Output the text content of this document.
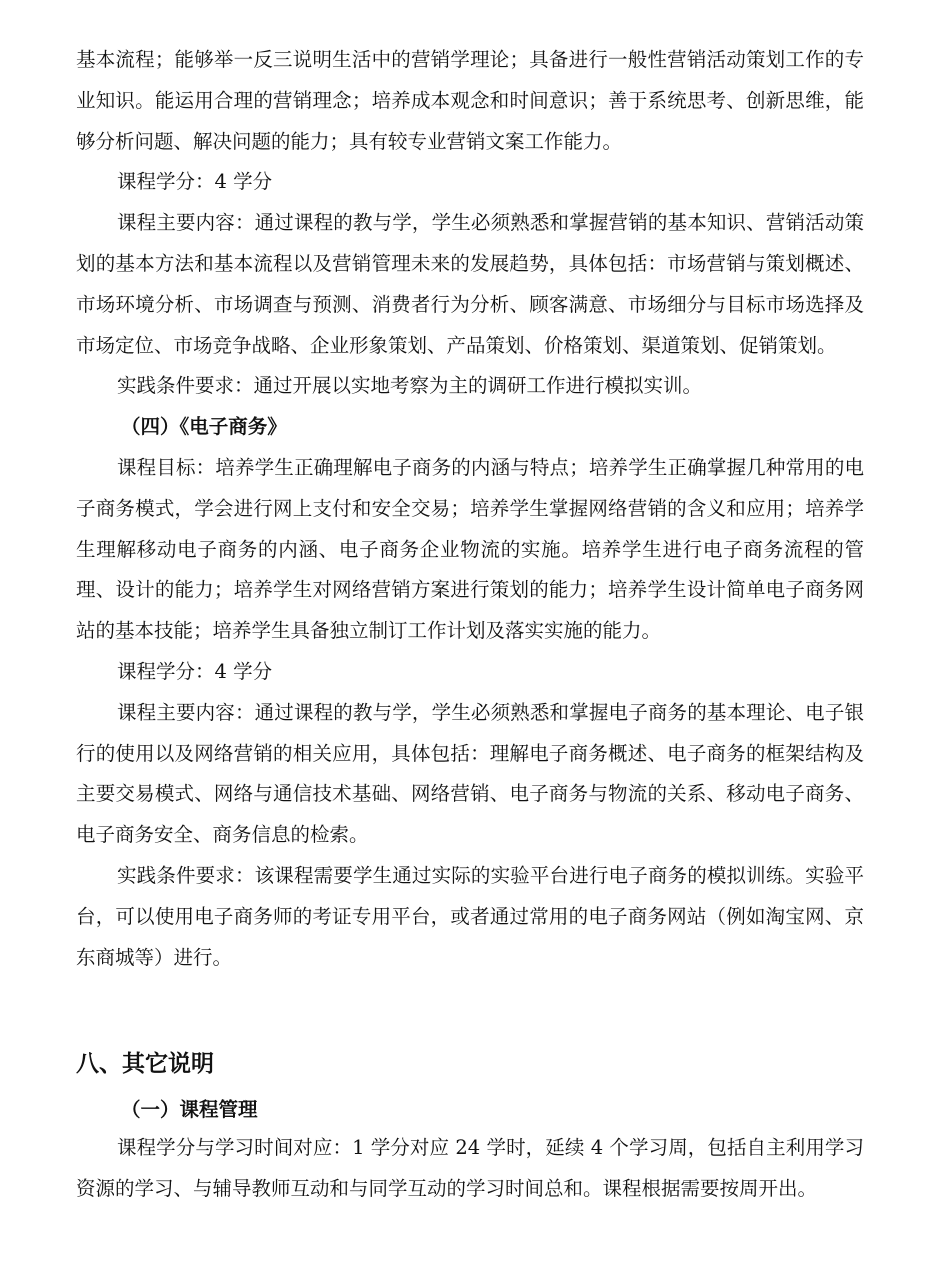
基本流程；能够举一反三说明生活中的营销学理论；具备进行一般性营销活动策划工作的专业知识。能运用合理的营销理念；培养成本观念和时间意识；善于系统思考、创新思维，能够分析问题、解决问题的能力；具有较专业营销文案工作能力。

课程学分：4 学分

课程主要内容：通过课程的教与学，学生必须熟悉和掌握营销的基本知识、营销活动策划的基本方法和基本流程以及营销管理未来的发展趋势，具体包括：市场营销与策划概述、市场环境分析、市场调查与预测、消费者行为分析、顾客满意、市场细分与目标市场选择及市场定位、市场竞争战略、企业形象策划、产品策划、价格策划、渠道策划、促销策划。

实践条件要求：通过开展以实地考察为主的调研工作进行模拟实训。

（四）《电子商务》

课程目标：培养学生正确理解电子商务的内涵与特点；培养学生正确掌握几种常用的电子商务模式，学会进行网上支付和安全交易；培养学生掌握网络营销的含义和应用；培养学生理解移动电子商务的内涵、电子商务企业物流的实施。培养学生进行电子商务流程的管理、设计的能力；培养学生对网络营销方案进行策划的能力；培养学生设计简单电子商务网站的基本技能；培养学生具备独立制订工作计划及落实实施的能力。

课程学分：4 学分

课程主要内容：通过课程的教与学，学生必须熟悉和掌握电子商务的基本理论、电子银行的使用以及网络营销的相关应用，具体包括：理解电子商务概述、电子商务的框架结构及主要交易模式、网络与通信技术基础、网络营销、电子商务与物流的关系、移动电子商务、电子商务安全、商务信息的检索。

实践条件要求：该课程需要学生通过实际的实验平台进行电子商务的模拟训练。实验平台，可以使用电子商务师的考证专用平台，或者通过常用的电子商务网站（例如淘宝网、京东商城等）进行。

八、其它说明

（一）课程管理

课程学分与学习时间对应：1 学分对应 24 学时，延续 4 个学习周，包括自主利用学习资源的学习、与辅导教师互动和与同学互动的学习时间总和。课程根据需要按周开出。
